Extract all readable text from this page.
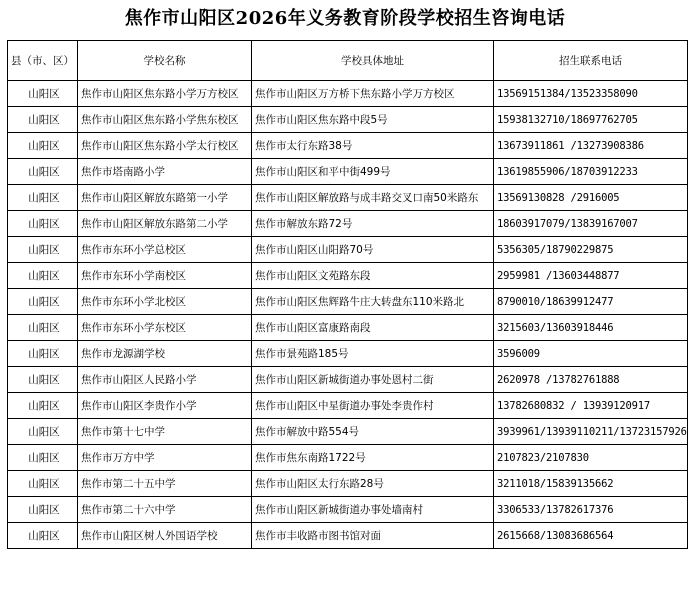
焦作市山阳区2026年义务教育阶段学校招生咨询电话
县（市、区）	学校名称	学校具体地址	招生联系电话
山阳区	焦作市山阳区焦东路小学万方校区	焦作市山阳区万方桥下焦东路小学万方校区	13569151384/13523358090
山阳区	焦作市山阳区焦东路小学焦东校区	焦作市山阳区焦东路中段5号	15938132710/18697762705
山阳区	焦作市山阳区焦东路小学太行校区	焦作市太行东路38号	13673911861 /13273908386
山阳区	焦作市塔南路小学	焦作市山阳区和平中街499号	13619855906/18703912233
山阳区	焦作市山阳区解放东路第一小学	焦作市山阳区解放路与成丰路交叉口南50米路东	13569130828 /2916005
山阳区	焦作市山阳区解放东路第二小学	焦作市解放东路72号	18603917079/13839167007
山阳区	焦作市东环小学总校区	焦作市山阳区山阳路70号	5356305/18790229875
山阳区	焦作市东环小学南校区	焦作市山阳区文苑路东段	2959981 /13603448877
山阳区	焦作市东环小学北校区	焦作市山阳区焦辉路牛庄大转盘东110米路北	8790010/18639912477
山阳区	焦作市东环小学东校区	焦作市山阳区富康路南段	3215603/13603918446
山阳区	焦作市龙源湖学校	焦作市景苑路185号	3596009
山阳区	焦作市山阳区人民路小学	焦作市山阳区新城街道办事处恩村二街	2620978 /13782761888
山阳区	焦作市山阳区李贵作小学	焦作市山阳区中星街道办事处李贵作村	13782680832 / 13939120917
山阳区	焦作市第十七中学	焦作市解放中路554号	3939961/13939110211/13723157926
山阳区	焦作市万方中学	焦作市焦东南路1722号	2107823/2107830
山阳区	焦作市第二十五中学	焦作市山阳区太行东路28号	3211018/15839135662
山阳区	焦作市第二十六中学	焦作市山阳区新城街道办事处墙南村	3306533/13782617376
山阳区	焦作市山阳区树人外国语学校	焦作市丰收路市图书馆对面	2615668/13083686564
